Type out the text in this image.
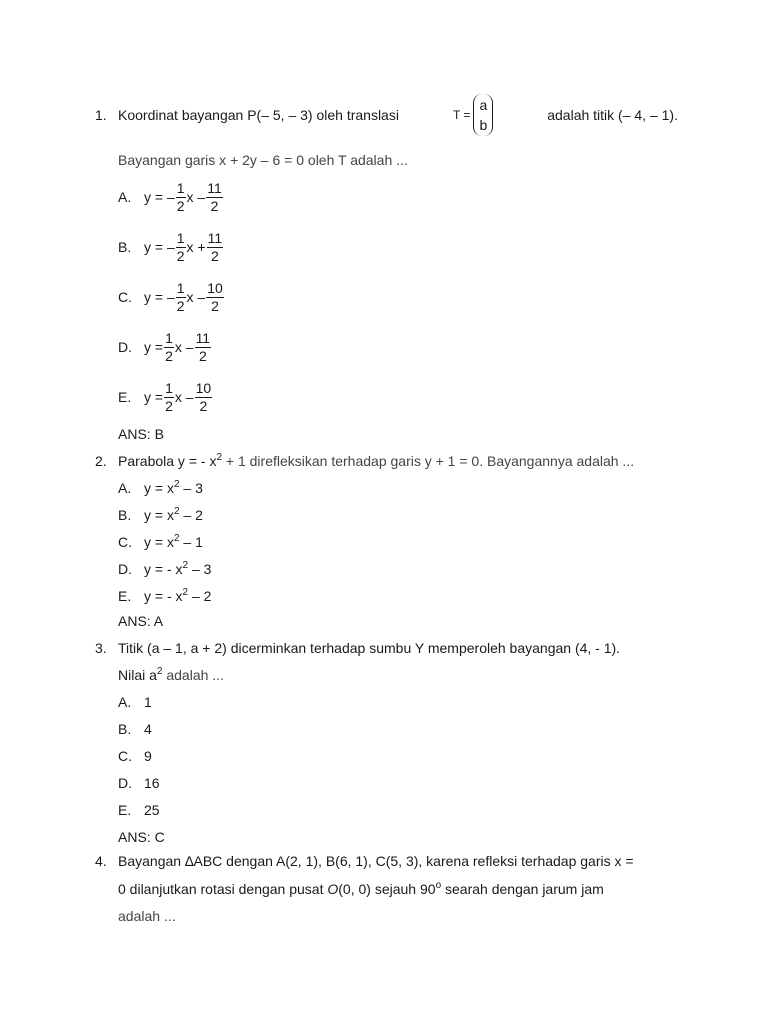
1. Koordinat bayangan P(– 5, – 3) oleh translasi	T =
a
b
adalah titik (– 4, – 1).
Bayangan garis x + 2y – 6 = 0 oleh T adalah ...
A. y = – $\frac{1}{2}$ x – $\frac{11}{2}$
B. y = – $\frac{1}{2}$ $x + \frac{11}{2}$
C. y = – $\frac{1}{2}$ x – $\frac{10}{2}$
D. $y = \frac{1}{2}$ x – $\frac{11}{2}$
E. $y = \frac{1}{2}$ x – $\frac{10}{2}$
ANS: B
2. Parabola y = - $x^2 + 1$ direfleksikan terhadap garis y + 1 = 0. Bayangannya adalah ...
A. $y = x^2 - 3$
B. $y = x^2 - 2$
C. $y = x^2 - 1$
D. y = - $x^2 - 3$
E. y = - $x^2 - 2$
ANS: A
3. Titik (a – 1, a + 2) dicerminkan terhadap sumbu Y memperoleh bayangan (4, - 1).
Nilai $a^2$ adalah ...
A. 1
B. 4
C. 9
D. 16
E. 25
ANS: C
4. Bayangan ∆ABC dengan A(2, 1), B(6, 1), C(5, 3), karena refleksi terhadap garis x =
0 dilanjutkan rotasi dengan pusat O(0, 0) sejauh 90$^o$ searah dengan jarum jam
adalah ...
